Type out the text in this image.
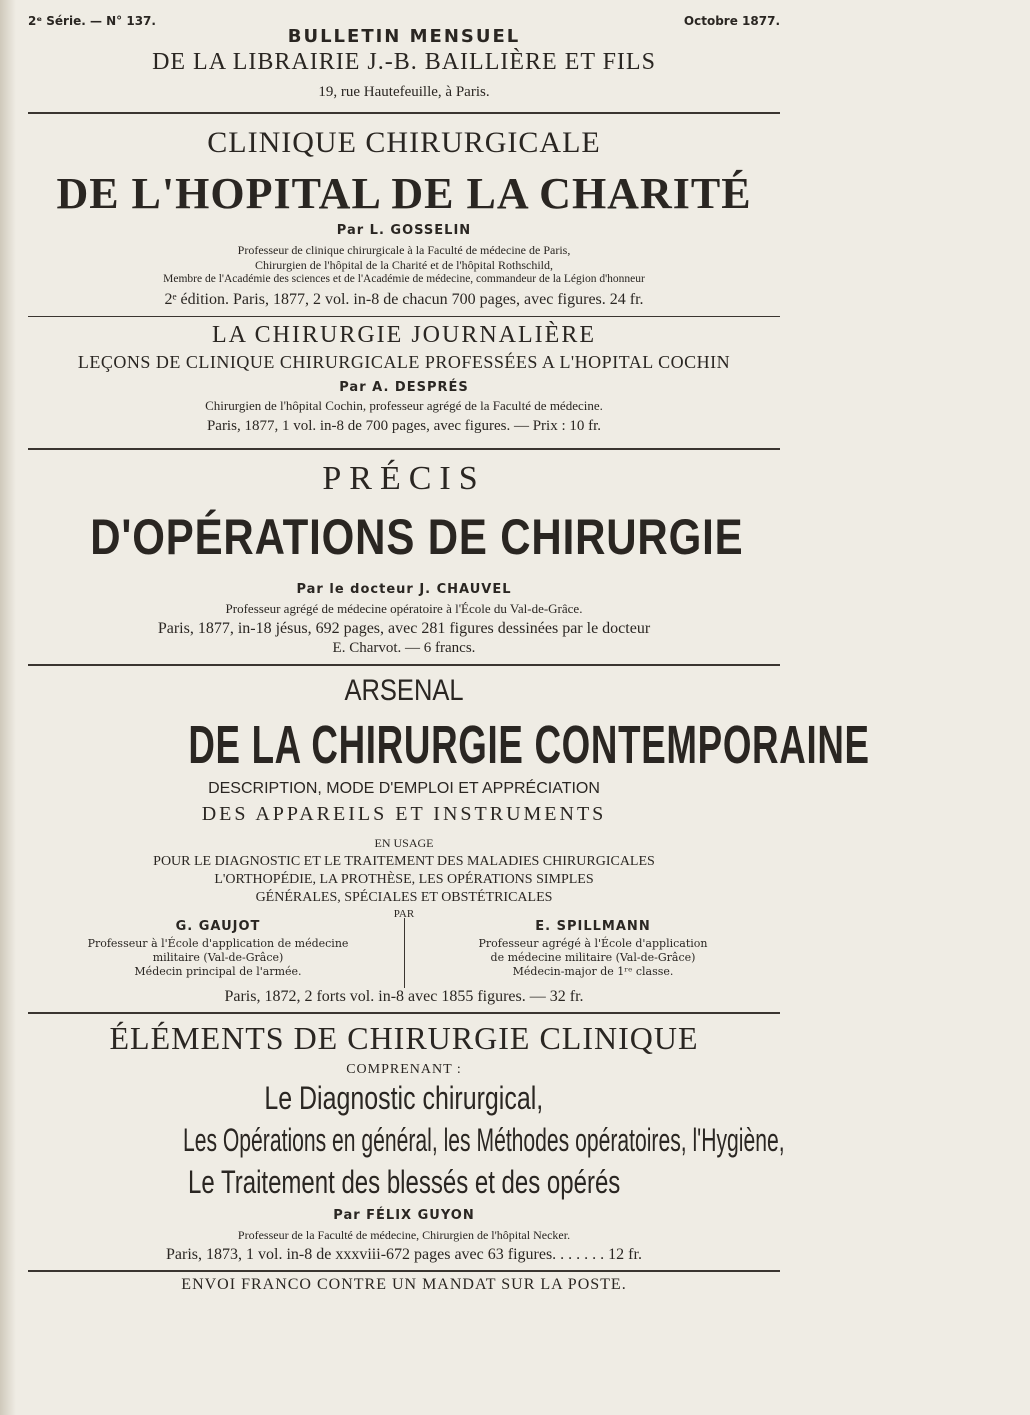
2ᵉ Série. — N° 137.	Octobre 1877.
BULLETIN MENSUEL
DE LA LIBRAIRIE J.-B. BAILLIÈRE ET FILS
19, rue Hautefeuille, à Paris.
CLINIQUE CHIRURGICALE
DE L'HOPITAL DE LA CHARITÉ
Par L. GOSSELIN
Professeur de clinique chirurgicale à la Faculté de médecine de Paris,
Chirurgien de l'hôpital de la Charité et de l'hôpital Rothschild,
Membre de l'Académie des sciences et de l'Académie de médecine, commandeur de la Légion d'honneur
2ᵉ édition. Paris, 1877, 2 vol. in-8 de chacun 700 pages, avec figures. 24 fr.
LA CHIRURGIE JOURNALIÈRE
LEÇONS DE CLINIQUE CHIRURGICALE PROFESSÉES A L'HOPITAL COCHIN
Par A. DESPRÉS
Chirurgien de l'hôpital Cochin, professeur agrégé de la Faculté de médecine.
Paris, 1877, 1 vol. in-8 de 700 pages, avec figures. — Prix : 10 fr.
PRÉCIS
D'OPÉRATIONS DE CHIRURGIE
Par le docteur J. CHAUVEL
Professeur agrégé de médecine opératoire à l'École du Val-de-Grâce.
Paris, 1877, in-18 jésus, 692 pages, avec 281 figures dessinées par le docteur
E. Charvot. — 6 francs.
ARSENAL
DE LA CHIRURGIE CONTEMPORAINE
DESCRIPTION, MODE D'EMPLOI ET APPRÉCIATION
DES APPAREILS ET INSTRUMENTS
EN USAGE
POUR LE DIAGNOSTIC ET LE TRAITEMENT DES MALADIES CHIRURGICALES
L'ORTHOPÉDIE, LA PROTHÈSE, LES OPÉRATIONS SIMPLES
GÉNÉRALES, SPÉCIALES ET OBSTÉTRICALES
PAR
G. GAUJOT
Professeur à l'École d'application de médecine
militaire (Val-de-Grâce)
Médecin principal de l'armée.
E. SPILLMANN
Professeur agrégé à l'École d'application
de médecine militaire (Val-de-Grâce)
Médecin-major de 1ʳᵉ classe.
Paris, 1872, 2 forts vol. in-8 avec 1855 figures. — 32 fr.
ÉLÉMENTS DE CHIRURGIE CLINIQUE
COMPRENANT :
Le Diagnostic chirurgical,
Les Opérations en général, les Méthodes opératoires, l'Hygiène,
Le Traitement des blessés et des opérés
Par FÉLIX GUYON
Professeur de la Faculté de médecine, Chirurgien de l'hôpital Necker.
Paris, 1873, 1 vol. in-8 de xxxviii-672 pages avec 63 figures. . . . . . . 12 fr.
ENVOI FRANCO CONTRE UN MANDAT SUR LA POSTE.
